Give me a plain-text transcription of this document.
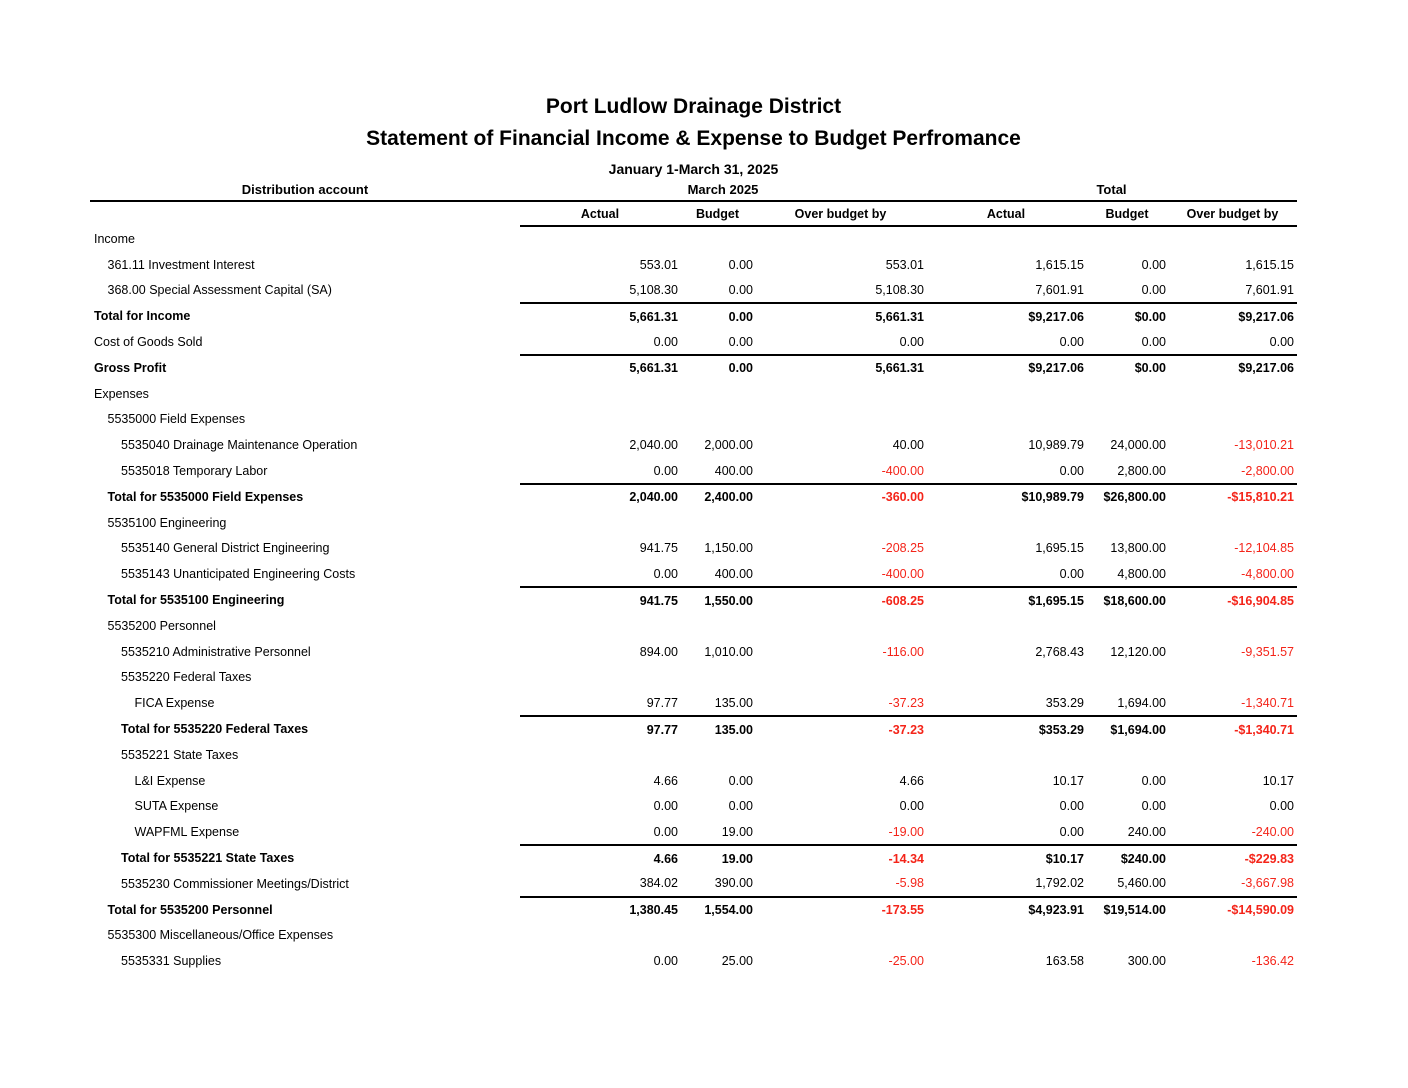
Port Ludlow Drainage District
Statement of Financial Income & Expense to Budget Perfromance
January 1-March 31, 2025
Distribution account	March 2025			Total		
	Actual	Budget	Over budget by	Actual	Budget	Over budget by
Income						
361.11 Investment Interest	553.01	0.00	553.01	1,615.15	0.00	1,615.15
368.00 Special Assessment Capital (SA)	5,108.30	0.00	5,108.30	7,601.91	0.00	7,601.91
Total for Income	5,661.31	0.00	5,661.31	$9,217.06	$0.00	$9,217.06
Cost of Goods Sold	0.00	0.00	0.00	0.00	0.00	0.00
Gross Profit	5,661.31	0.00	5,661.31	$9,217.06	$0.00	$9,217.06
Expenses						
5535000 Field Expenses						
5535040 Drainage Maintenance Operation	2,040.00	2,000.00	40.00	10,989.79	24,000.00	-13,010.21
5535018 Temporary Labor	0.00	400.00	-400.00	0.00	2,800.00	-2,800.00
Total for 5535000 Field Expenses	2,040.00	2,400.00	-360.00	$10,989.79	$26,800.00	-$15,810.21
5535100 Engineering						
5535140 General District Engineering	941.75	1,150.00	-208.25	1,695.15	13,800.00	-12,104.85
5535143 Unanticipated Engineering Costs	0.00	400.00	-400.00	0.00	4,800.00	-4,800.00
Total for 5535100 Engineering	941.75	1,550.00	-608.25	$1,695.15	$18,600.00	-$16,904.85
5535200 Personnel						
5535210 Administrative Personnel	894.00	1,010.00	-116.00	2,768.43	12,120.00	-9,351.57
5535220 Federal Taxes						
FICA Expense	97.77	135.00	-37.23	353.29	1,694.00	-1,340.71
Total for 5535220 Federal Taxes	97.77	135.00	-37.23	$353.29	$1,694.00	-$1,340.71
5535221 State Taxes						
L&I Expense	4.66	0.00	4.66	10.17	0.00	10.17
SUTA Expense	0.00	0.00	0.00	0.00	0.00	0.00
WAPFML Expense	0.00	19.00	-19.00	0.00	240.00	-240.00
Total for 5535221 State Taxes	4.66	19.00	-14.34	$10.17	$240.00	-$229.83
5535230 Commissioner Meetings/District	384.02	390.00	-5.98	1,792.02	5,460.00	-3,667.98
Total for 5535200 Personnel	1,380.45	1,554.00	-173.55	$4,923.91	$19,514.00	-$14,590.09
5535300 Miscellaneous/Office Expenses						
5535331 Supplies	0.00	25.00	-25.00	163.58	300.00	-136.42
